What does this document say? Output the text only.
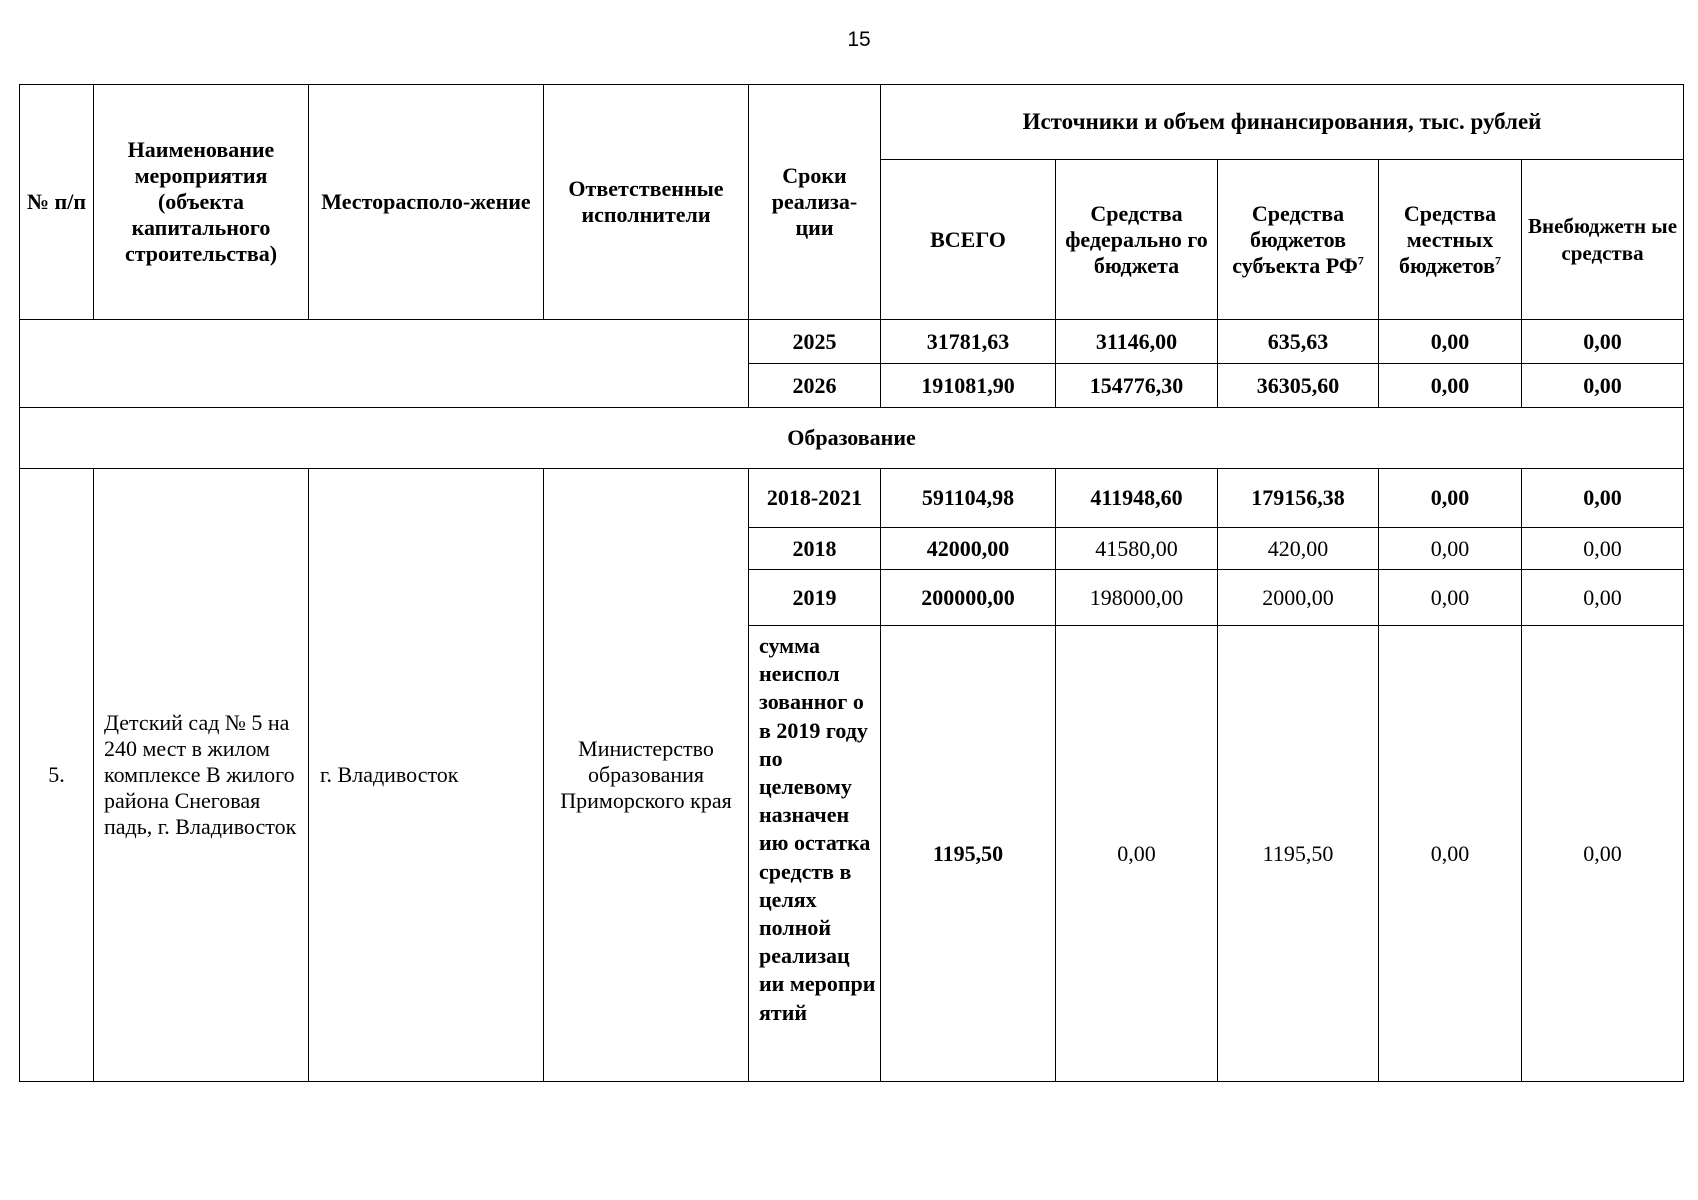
15
№ п/п	Наименование мероприятия (объекта капитального строительства)	Месторасполо-жение	Ответственные исполнители	Сроки реализа-ции	Источники и объем финансирования, тыс. рублей				
					ВСЕГО	Средства федерально го бюджета	Средства бюджетов субъекта $РФ^7$	Средства местных бюджетов$^7$	Внебюджетн ые средства
				2025	31781,63	31146,00	635,63	0,00	0,00
				2026	191081,90	154776,30	36305,60	0,00	0,00
Образование									
5.	Детский сад № 5 на 240 мест в жилом комплексе В жилого района Снеговая падь, г. Владивосток	г. Владивосток	Министерство образования Приморского края	2018-2021	591104,98	411948,60	179156,38	0,00	0,00
				2018	42000,00	41580,00	420,00	0,00	0,00
				2019	200000,00	198000,00	2000,00	0,00	0,00
				сумма неиспол зованног о в 2019 году по целевому назначен ию остатка средств в целях полной реализац ии меропри ятий	1195,50	0,00	1195,50	0,00	0,00
